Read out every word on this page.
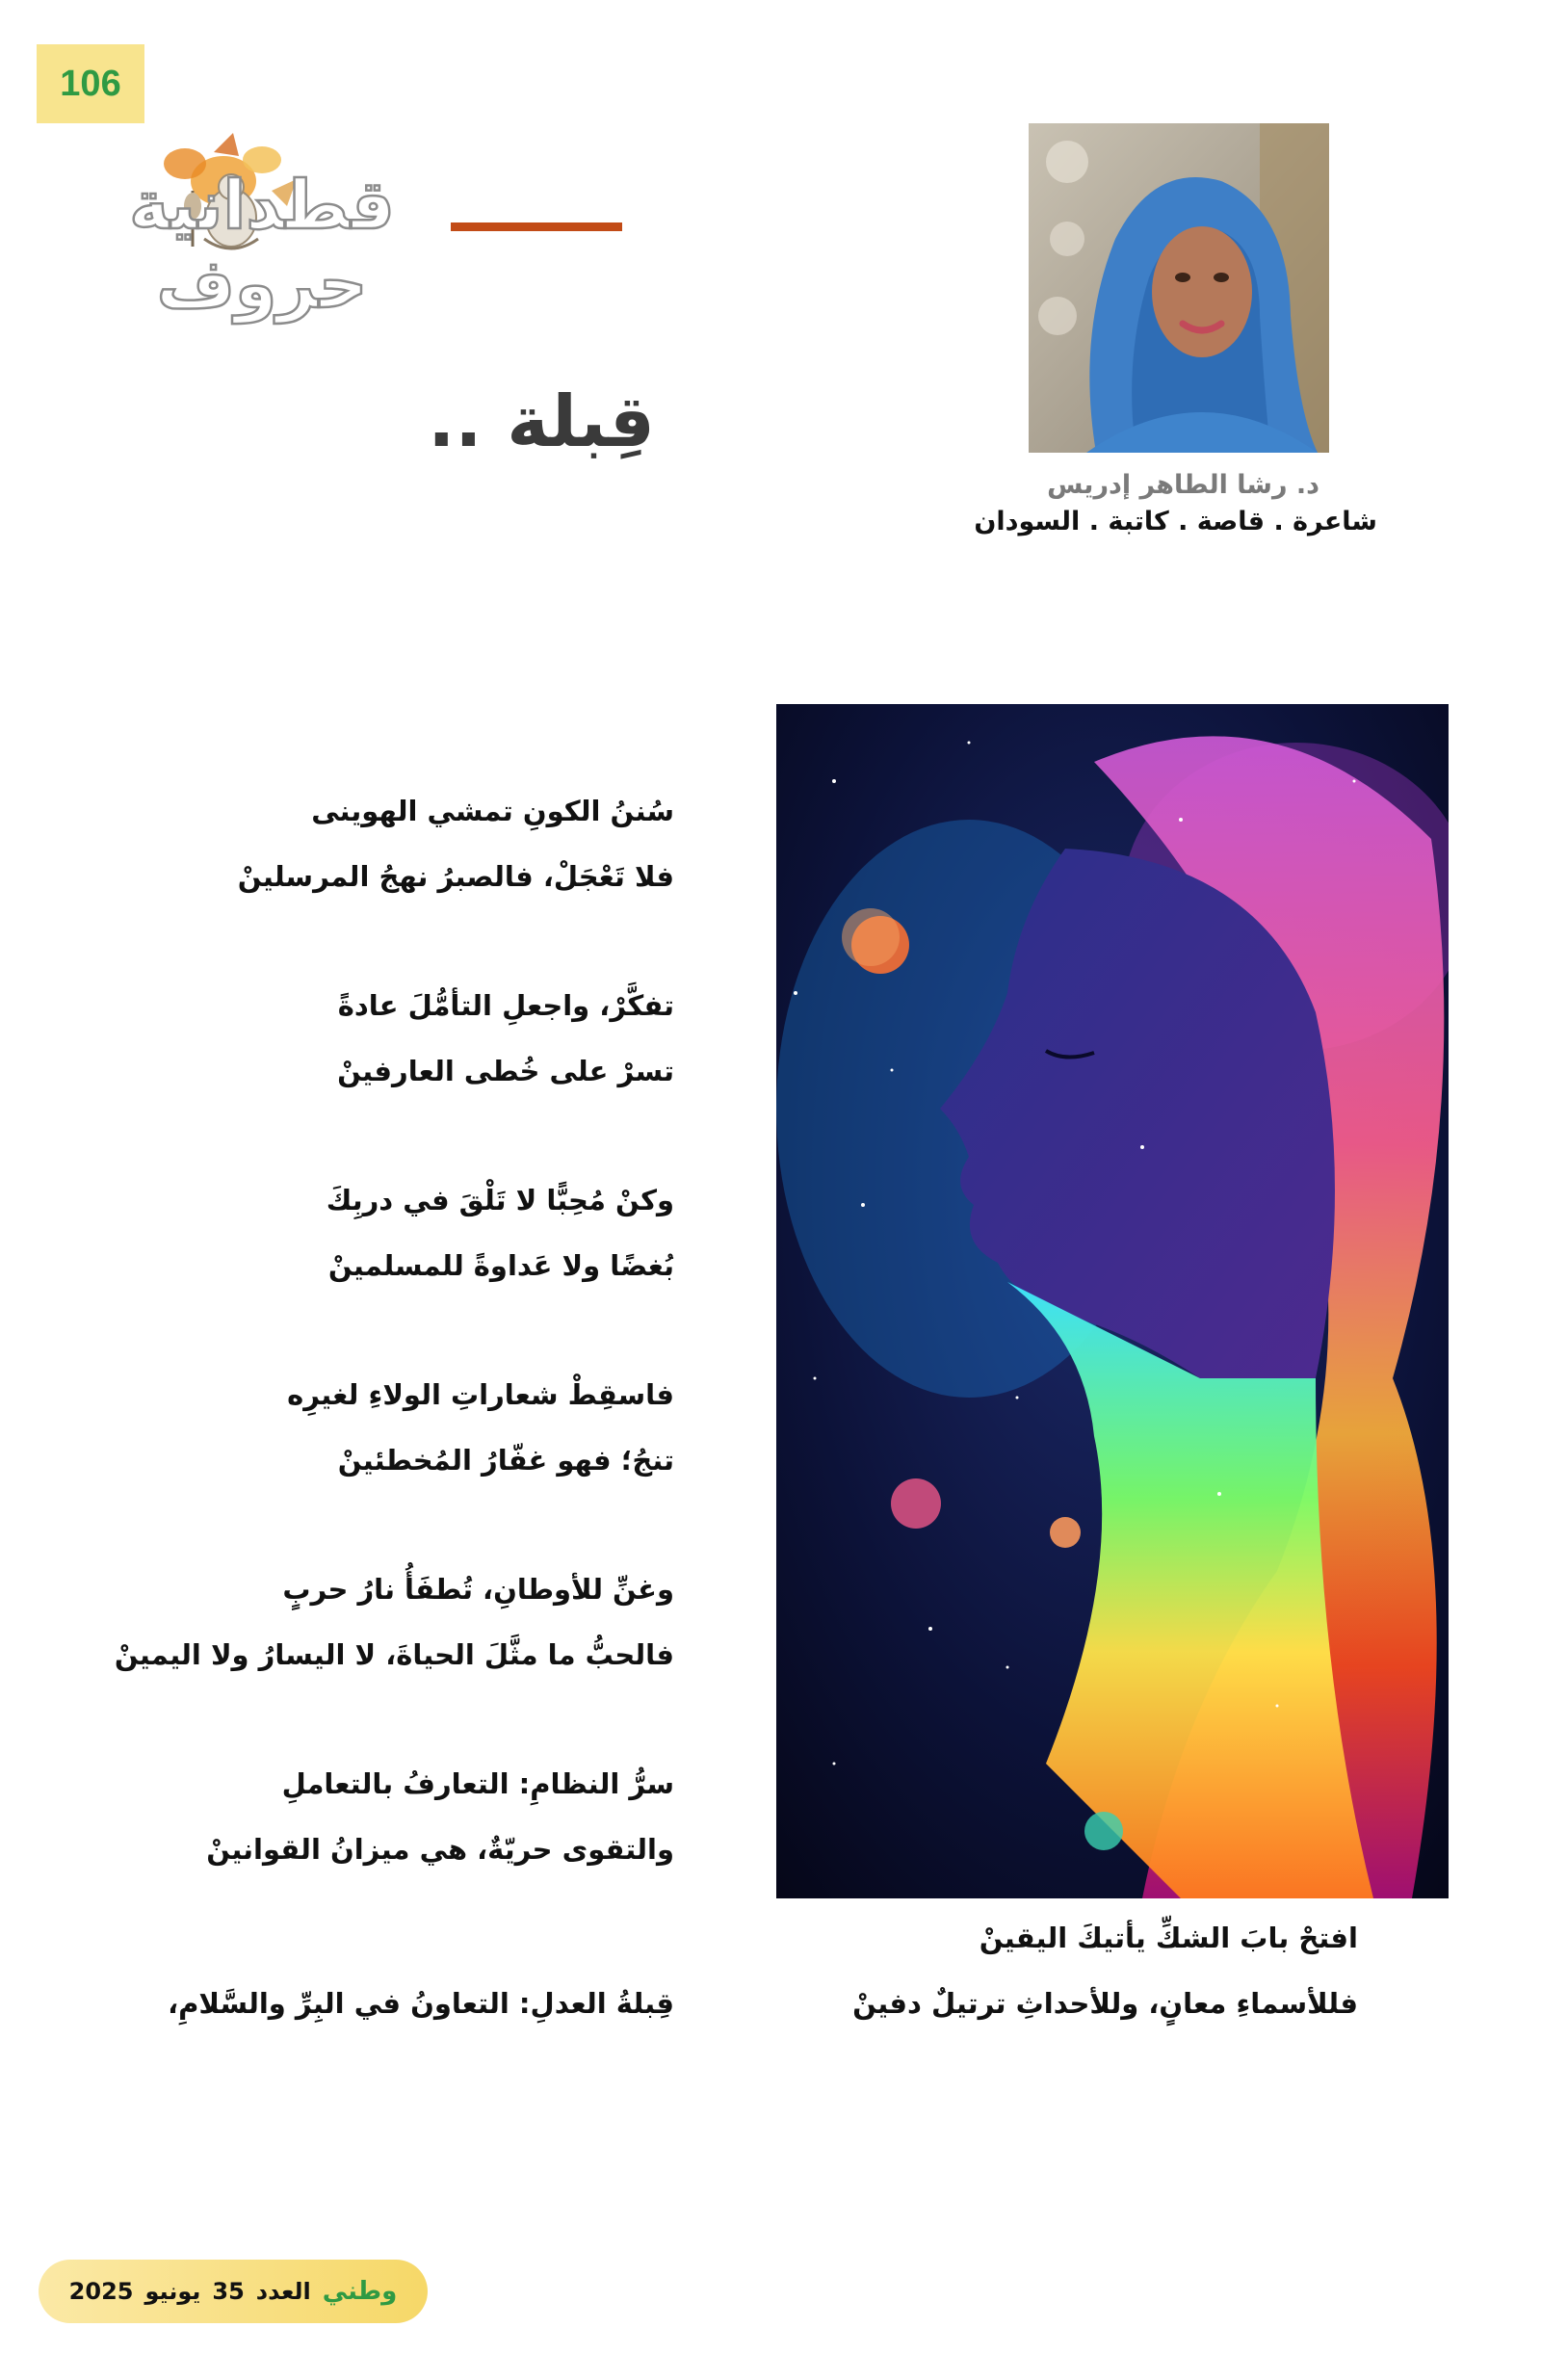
106
قطدانية حروف
د. رشا الطاهر إدريس
شاعرة . قاصة . كاتبة . السودان
قِبلة ..
سُننُ الكونِ تمشي الهوينى
فلا تَعْجَلْ، فالصبرُ نهجُ المرسلينْ
تفكَّرْ، واجعلِ التأمُّلَ عادةً
تسرْ على خُطى العارفينْ
وكنْ مُحِبًّا لا تَلْقَ في دربِكَ
بُغضًا ولا عَداوةً للمسلمينْ
فاسقِطْ شعاراتِ الولاءِ لغيرِه
تنجُ؛ فهو غفّارُ المُخطئينْ
وغنِّ للأوطانِ، تُطفَأُ نارُ حربٍ
فالحبُّ ما مثَّلَ الحياةَ، لا اليسارُ ولا اليمينْ
سرُّ النظامِ: التعارفُ بالتعاملِ
والتقوى حريّةٌ، هي ميزانُ القوانينْ
افتحْ بابَ الشكِّ يأتيكَ اليقينْ
فللأسماءِ معانٍ، وللأحداثِ ترتيلٌ دفينْ
قِبلةُ العدلِ: التعاونُ في البِرِّ والسَّلامِ،
وطني
العدد
35
يونيو
2025
